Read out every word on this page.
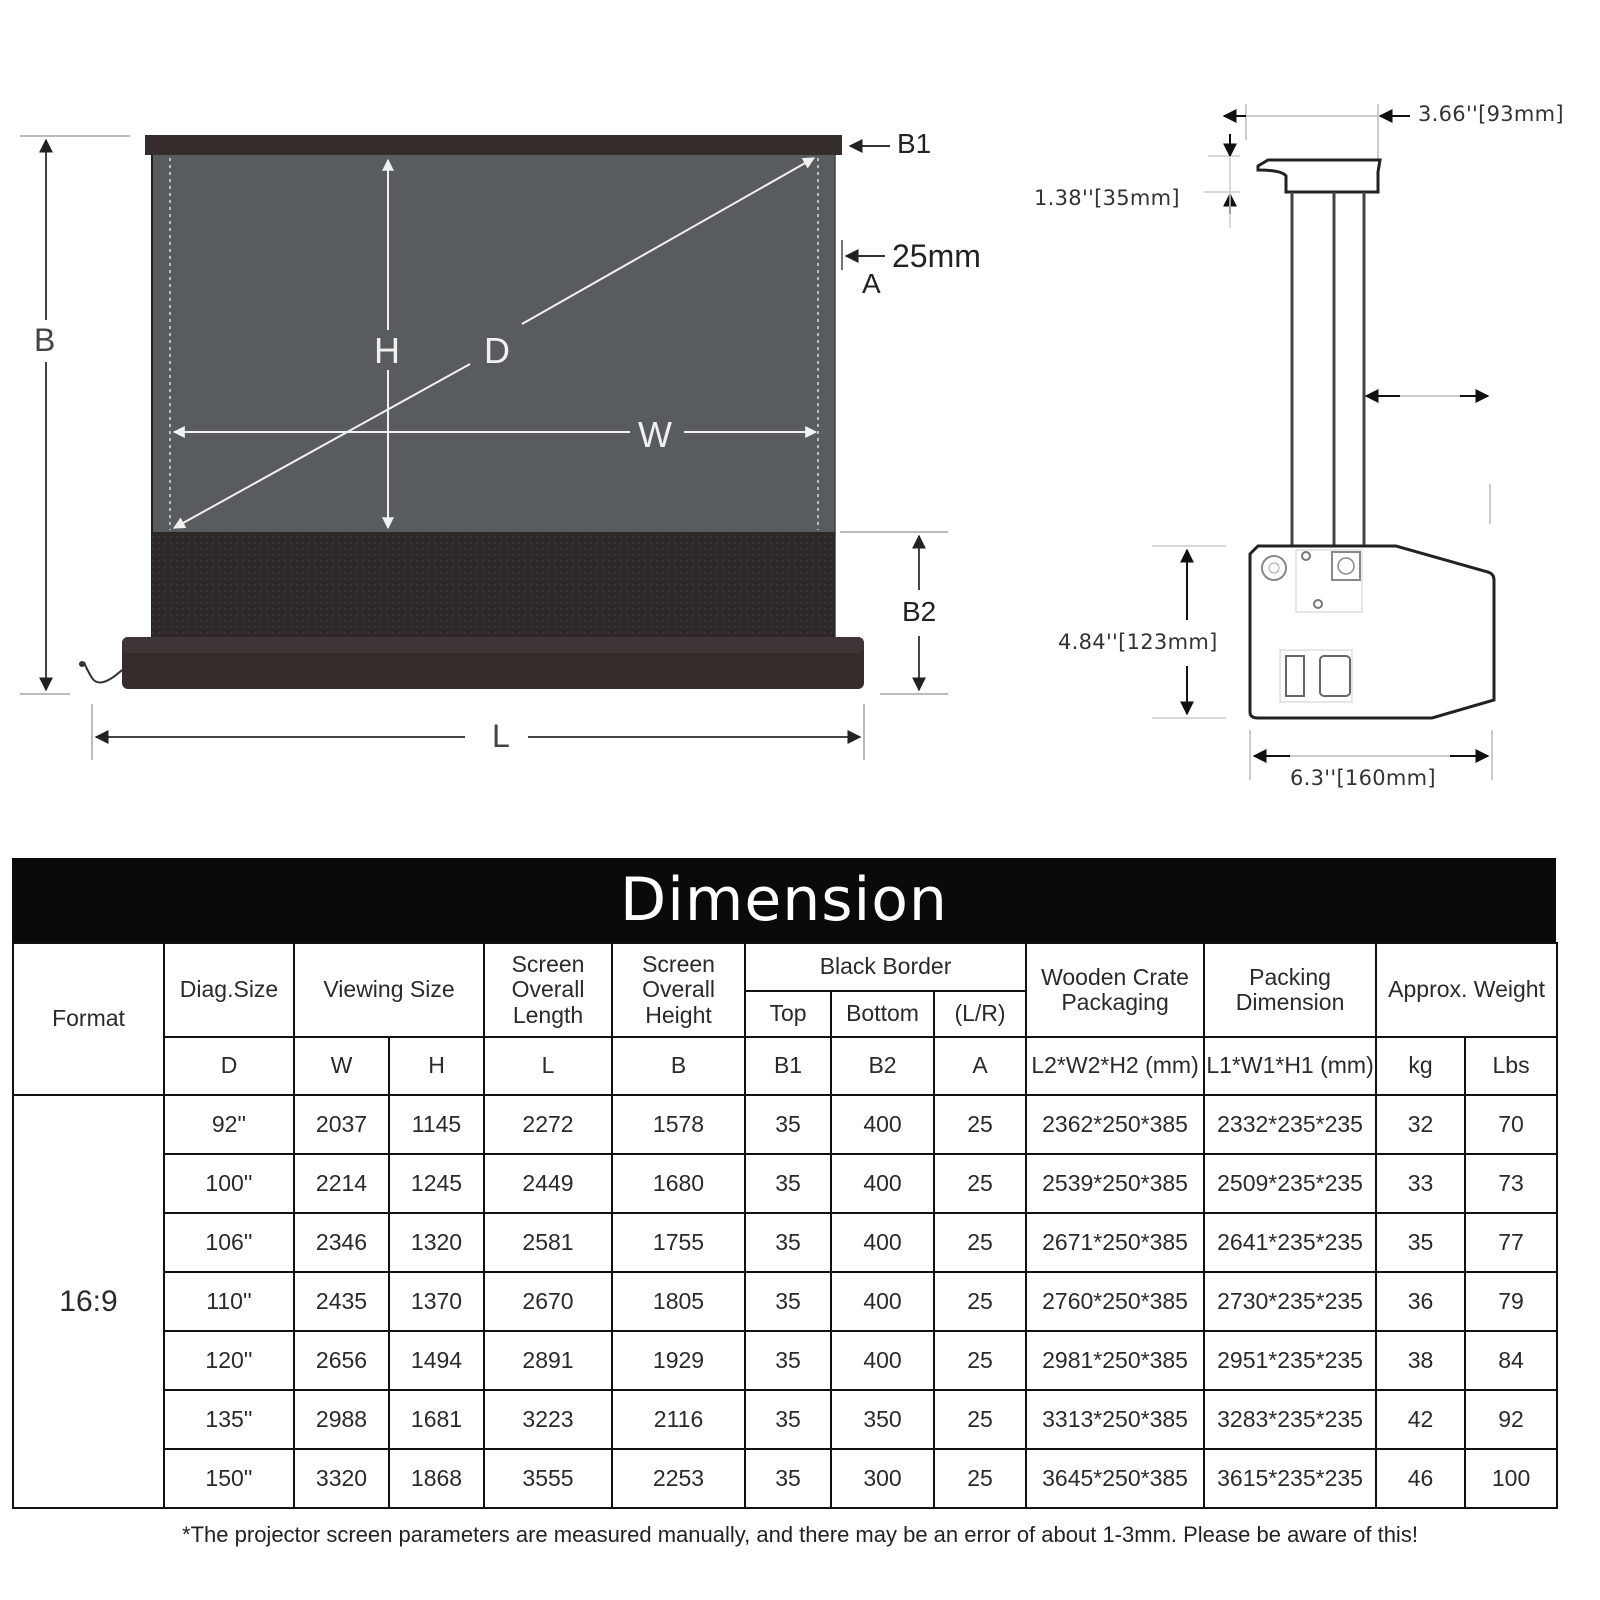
B1
25mm
A
B	H D
W
B2
L
3.66''[93mm]
1.38''[35mm]
4.84''[123mm]
6.3''[160mm]
Dimension
Format	Diag.Size	Viewing Size		Screen Overall Length	Screen Overall Height	Black Border			Wooden Crate Packaging	Packing Dimension	Approx. Weight	
						Top	Bottom	(L/R)				
	D	W	H	L	B	B1	B2	A	L2*W2*H2 (mm)	L1*W1*H1 (mm)	kg	Lbs
16:9	92''	2037	1145	2272	1578	35	400	25	2362*250*385	2332*235*235	32	70
	100''	2214	1245	2449	1680	35	400	25	2539*250*385	2509*235*235	33	73
	106''	2346	1320	2581	1755	35	400	25	2671*250*385	2641*235*235	35	77
	110''	2435	1370	2670	1805	35	400	25	2760*250*385	2730*235*235	36	79
	120''	2656	1494	2891	1929	35	400	25	2981*250*385	2951*235*235	38	84
	135''	2988	1681	3223	2116	35	350	25	3313*250*385	3283*235*235	42	92
	150''	3320	1868	3555	2253	35	300	25	3645*250*385	3615*235*235	46	100
*The projector screen parameters are measured manually, and there may be an error of about 1-3mm. Please be aware of this!
